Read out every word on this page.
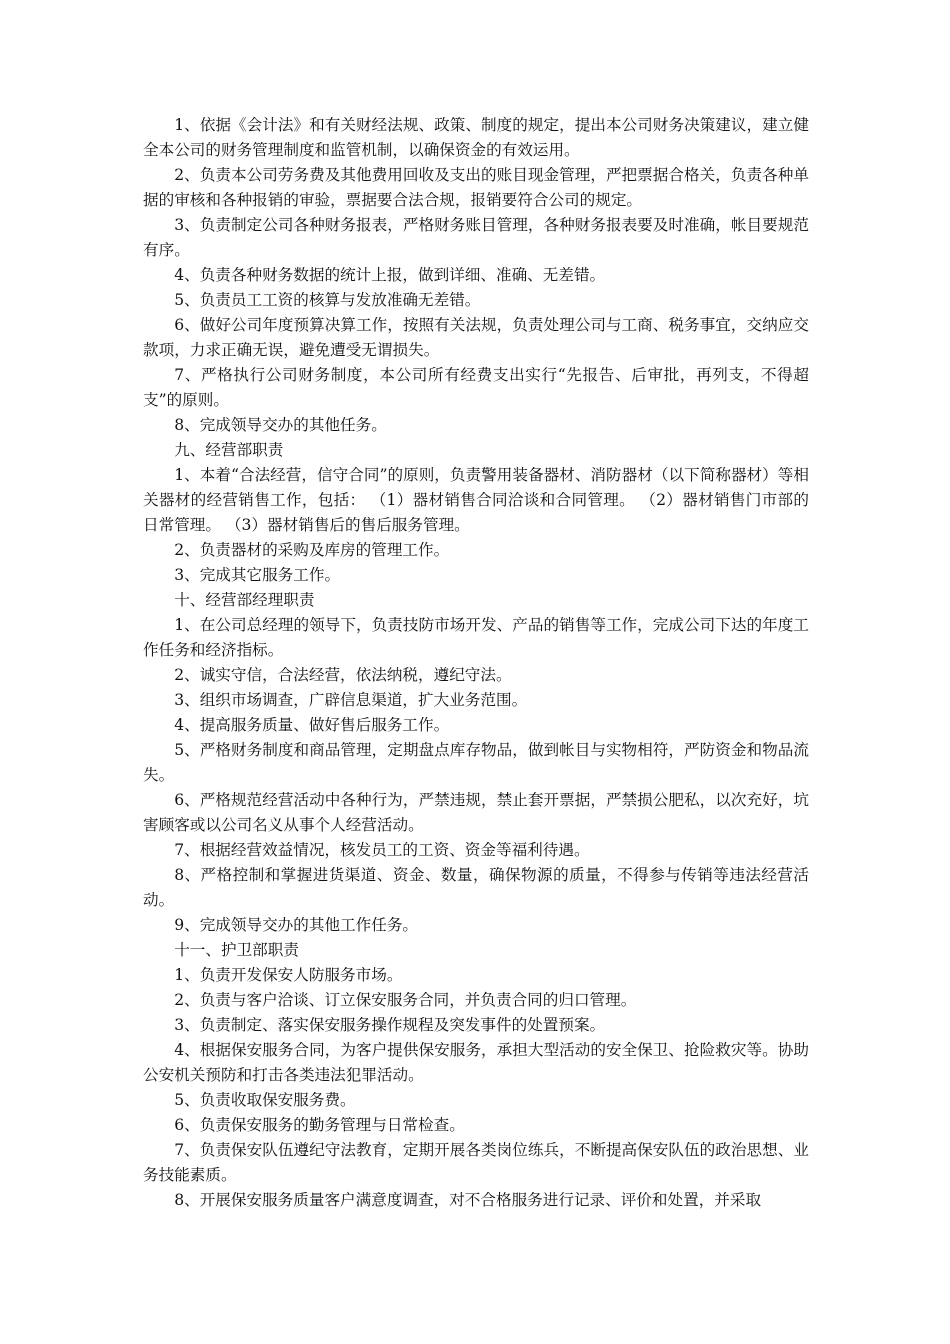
1、依据《会计法》和有关财经法规、政策、制度的规定，提出本公司财务决策建议，建立健全本公司的财务管理制度和监管机制，以确保资金的有效运用。

2、负责本公司劳务费及其他费用回收及支出的账目现金管理，严把票据合格关，负责各种单据的审核和各种报销的审验，票据要合法合规，报销要符合公司的规定。

3、负责制定公司各种财务报表，严格财务账目管理，各种财务报表要及时准确，帐目要规范有序。

4、负责各种财务数据的统计上报，做到详细、准确、无差错。

5、负责员工工资的核算与发放准确无差错。

6、做好公司年度预算决算工作，按照有关法规，负责处理公司与工商、税务事宜，交纳应交款项，力求正确无误，避免遭受无谓损失。

7、严格执行公司财务制度，本公司所有经费支出实行“先报告、后审批，再列支，不得超支”的原则。

8、完成领导交办的其他任务。

九、经营部职责

1、本着“合法经营，信守合同”的原则，负责警用装备器材、消防器材（以下简称器材）等相关器材的经营销售工作，包括： （1）器材销售合同洽谈和合同管理。 （2）器材销售门市部的日常管理。 （3）器材销售后的售后服务管理。

2、负责器材的采购及库房的管理工作。

3、完成其它服务工作。

十、经营部经理职责

1、在公司总经理的领导下，负责技防市场开发、产品的销售等工作，完成公司下达的年度工作任务和经济指标。

2、诚实守信，合法经营，依法纳税，遵纪守法。

3、组织市场调查，广辟信息渠道，扩大业务范围。

4、提高服务质量、做好售后服务工作。

5、严格财务制度和商品管理，定期盘点库存物品，做到帐目与实物相符，严防资金和物品流失。

6、严格规范经营活动中各种行为，严禁违规，禁止套开票据，严禁损公肥私，以次充好，坑害顾客或以公司名义从事个人经营活动。

7、根据经营效益情况，核发员工的工资、资金等福利待遇。

8、严格控制和掌握进货渠道、资金、数量，确保物源的质量，不得参与传销等违法经营活动。

9、完成领导交办的其他工作任务。

十一、护卫部职责

1、负责开发保安人防服务市场。

2、负责与客户洽谈、订立保安服务合同，并负责合同的归口管理。

3、负责制定、落实保安服务操作规程及突发事件的处置预案。

4、根据保安服务合同，为客户提供保安服务，承担大型活动的安全保卫、抢险救灾等。协助公安机关预防和打击各类违法犯罪活动。

5、负责收取保安服务费。

6、负责保安服务的勤务管理与日常检查。

7、负责保安队伍遵纪守法教育，定期开展各类岗位练兵，不断提高保安队伍的政治思想、业务技能素质。

8、开展保安服务质量客户满意度调查，对不合格服务进行记录、评价和处置，并采取
